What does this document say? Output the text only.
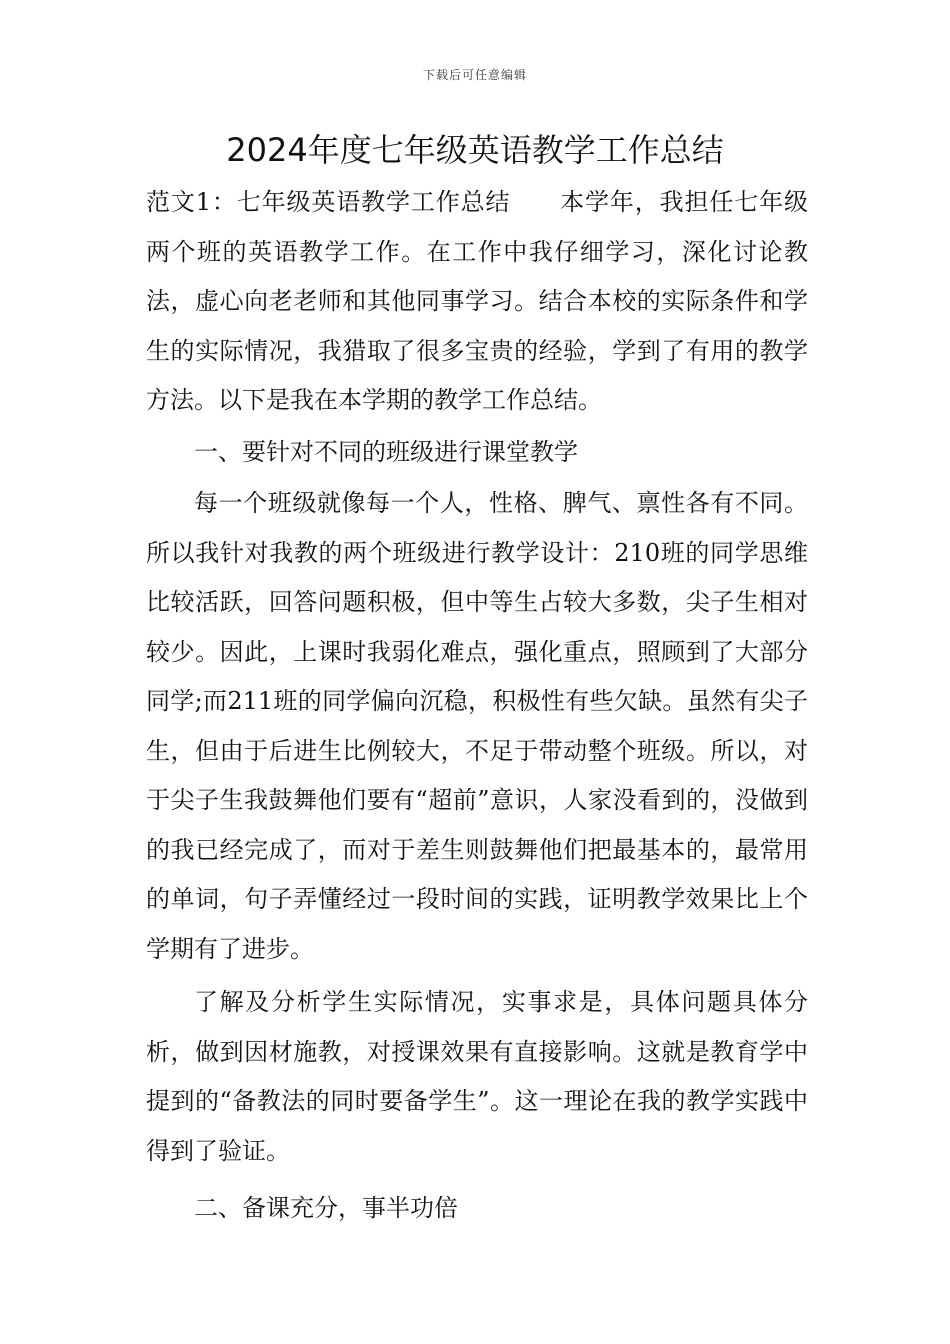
下载后可任意编辑
2024年度七年级英语教学工作总结

范文1：七年级英语教学工作总结　　本学年，我担任七年级两个班的英语教学工作。在工作中我仔细学习，深化讨论教法，虚心向老老师和其他同事学习。结合本校的实际条件和学生的实际情况，我猎取了很多宝贵的经验，学到了有用的教学方法。以下是我在本学期的教学工作总结。

一、要针对不同的班级进行课堂教学

每一个班级就像每一个人，性格、脾气、禀性各有不同。所以我针对我教的两个班级进行教学设计：210班的同学思维比较活跃，回答问题积极，但中等生占较大多数，尖子生相对较少。因此，上课时我弱化难点，强化重点，照顾到了大部分同学;而211班的同学偏向沉稳，积极性有些欠缺。虽然有尖子生，但由于后进生比例较大，不足于带动整个班级。所以，对于尖子生我鼓舞他们要有“超前”意识，人家没看到的，没做到的我已经完成了，而对于差生则鼓舞他们把最基本的，最常用的单词，句子弄懂经过一段时间的实践，证明教学效果比上个学期有了进步。

了解及分析学生实际情况，实事求是，具体问题具体分析，做到因材施教，对授课效果有直接影响。这就是教育学中提到的“备教法的同时要备学生”。这一理论在我的教学实践中得到了验证。

二、备课充分，事半功倍
